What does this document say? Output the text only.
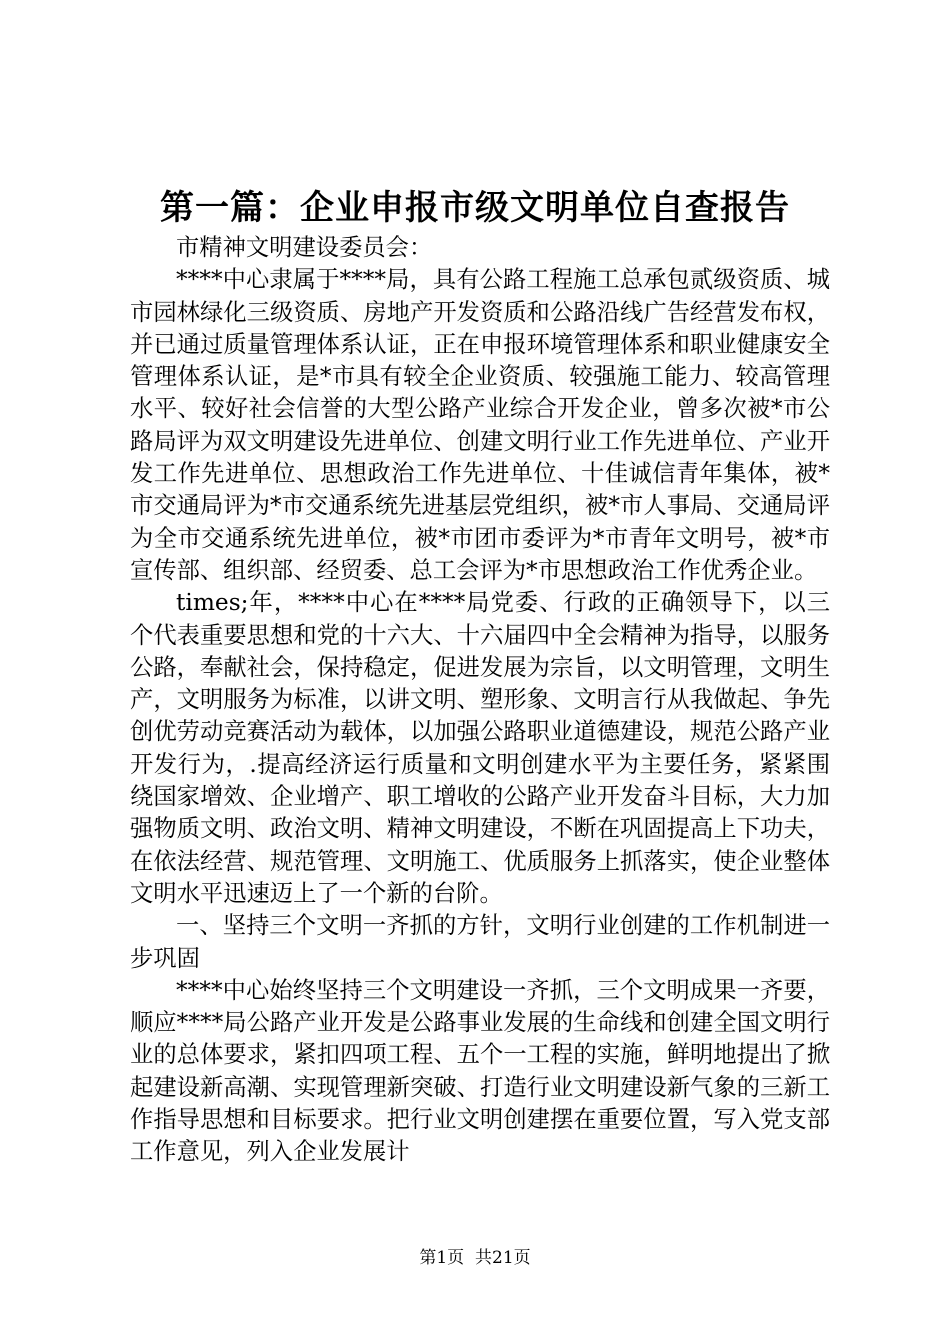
第一篇：企业申报市级文明单位自查报告

市精神文明建设委员会：

****中心隶属于****局，具有公路工程施工总承包贰级资质、城市园林绿化三级资质、房地产开发资质和公路沿线广告经营发布权，并已通过质量管理体系认证，正在申报环境管理体系和职业健康安全管理体系认证，是*市具有较全企业资质、较强施工能力、较高管理水平、较好社会信誉的大型公路产业综合开发企业，曾多次被*市公路局评为双文明建设先进单位、创建文明行业工作先进单位、产业开发工作先进单位、思想政治工作先进单位、十佳诚信青年集体，被*市交通局评为*市交通系统先进基层党组织，被*市人事局、交通局评为全市交通系统先进单位，被*市团市委评为*市青年文明号，被*市宣传部、组织部、经贸委、总工会评为*市思想政治工作优秀企业。

times;年，****中心在****局党委、行政的正确领导下，以三个代表重要思想和党的十六大、十六届四中全会精神为指导，以服务公路，奉献社会，保持稳定，促进发展为宗旨，以文明管理，文明生产，文明服务为标准，以讲文明、塑形象、文明言行从我做起、争先创优劳动竞赛活动为载体，以加强公路职业道德建设，规范公路产业开发行为，.提高经济运行质量和文明创建水平为主要任务，紧紧围绕国家增效、企业增产、职工增收的公路产业开发奋斗目标，大力加强物质文明、政治文明、精神文明建设，不断在巩固提高上下功夫，在依法经营、规范管理、文明施工、优质服务上抓落实，使企业整体文明水平迅速迈上了一个新的台阶。

一、坚持三个文明一齐抓的方针，文明行业创建的工作机制进一步巩固

****中心始终坚持三个文明建设一齐抓，三个文明成果一齐要，顺应****局公路产业开发是公路事业发展的生命线和创建全国文明行业的总体要求，紧扣四项工程、五个一工程的实施，鲜明地提出了掀起建设新高潮、实现管理新突破、打造行业文明建设新气象的三新工作指导思想和目标要求。把行业文明创建摆在重要位置，写入党支部工作意见，列入企业发展计

第1页 共21页
